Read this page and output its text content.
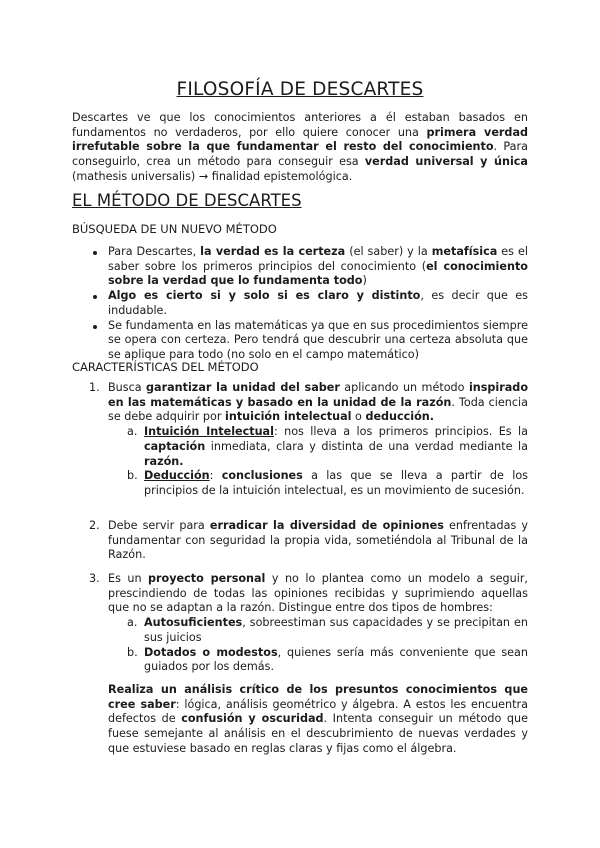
FILOSOFÍA DE DESCARTES

Descartes ve que los conocimientos anteriores a él estaban basados en fundamentos no verdaderos, por ello quiere conocer una primera verdad irrefutable sobre la que fundamentar el resto del conocimiento. Para conseguirlo, crea un método para conseguir esa verdad universal y única (mathesis universalis) → finalidad epistemológica.

EL MÉTODO DE DESCARTES
BÚSQUEDA DE UN NUEVO MÉTODO
Para Descartes, la verdad es la certeza (el saber) y la metafísica es el saber sobre los primeros principios del conocimiento (el conocimiento sobre la verdad que lo fundamenta todo)
Algo es cierto si y solo si es claro y distinto, es decir que es indudable.
Se fundamenta en las matemáticas ya que en sus procedimientos siempre se opera con certeza. Pero tendrá que descubrir una certeza absoluta que se aplique para todo (no solo en el campo matemático)
CARACTERÍSTICAS DEL MÉTODO
1. Busca garantizar la unidad del saber aplicando un método inspirado en las matemáticas y basado en la unidad de la razón. Toda ciencia se debe adquirir por intuición intelectual o deducción.
a. Intuición Intelectual: nos lleva a los primeros principios. Es la captación inmediata, clara y distinta de una verdad mediante la razón.
b. Deducción: conclusiones a las que se lleva a partir de los principios de la intuición intelectual, es un movimiento de sucesión.
2. Debe servir para erradicar la diversidad de opiniones enfrentadas y fundamentar con seguridad la propia vida, sometiéndola al Tribunal de la Razón.
3. Es un proyecto personal y no lo plantea como un modelo a seguir, prescindiendo de todas las opiniones recibidas y suprimiendo aquellas que no se adaptan a la razón. Distingue entre dos tipos de hombres:
a. Autosuficientes, sobreestiman sus capacidades y se precipitan en sus juicios
b. Dotados o modestos, quienes sería más conveniente que sean guiados por los demás.

Realiza un análisis crítico de los presuntos conocimientos que cree saber: lógica, análisis geométrico y álgebra. A estos les encuentra defectos de confusión y oscuridad. Intenta conseguir un método que fuese semejante al análisis en el descubrimiento de nuevas verdades y que estuviese basado en reglas claras y fijas como el álgebra.
